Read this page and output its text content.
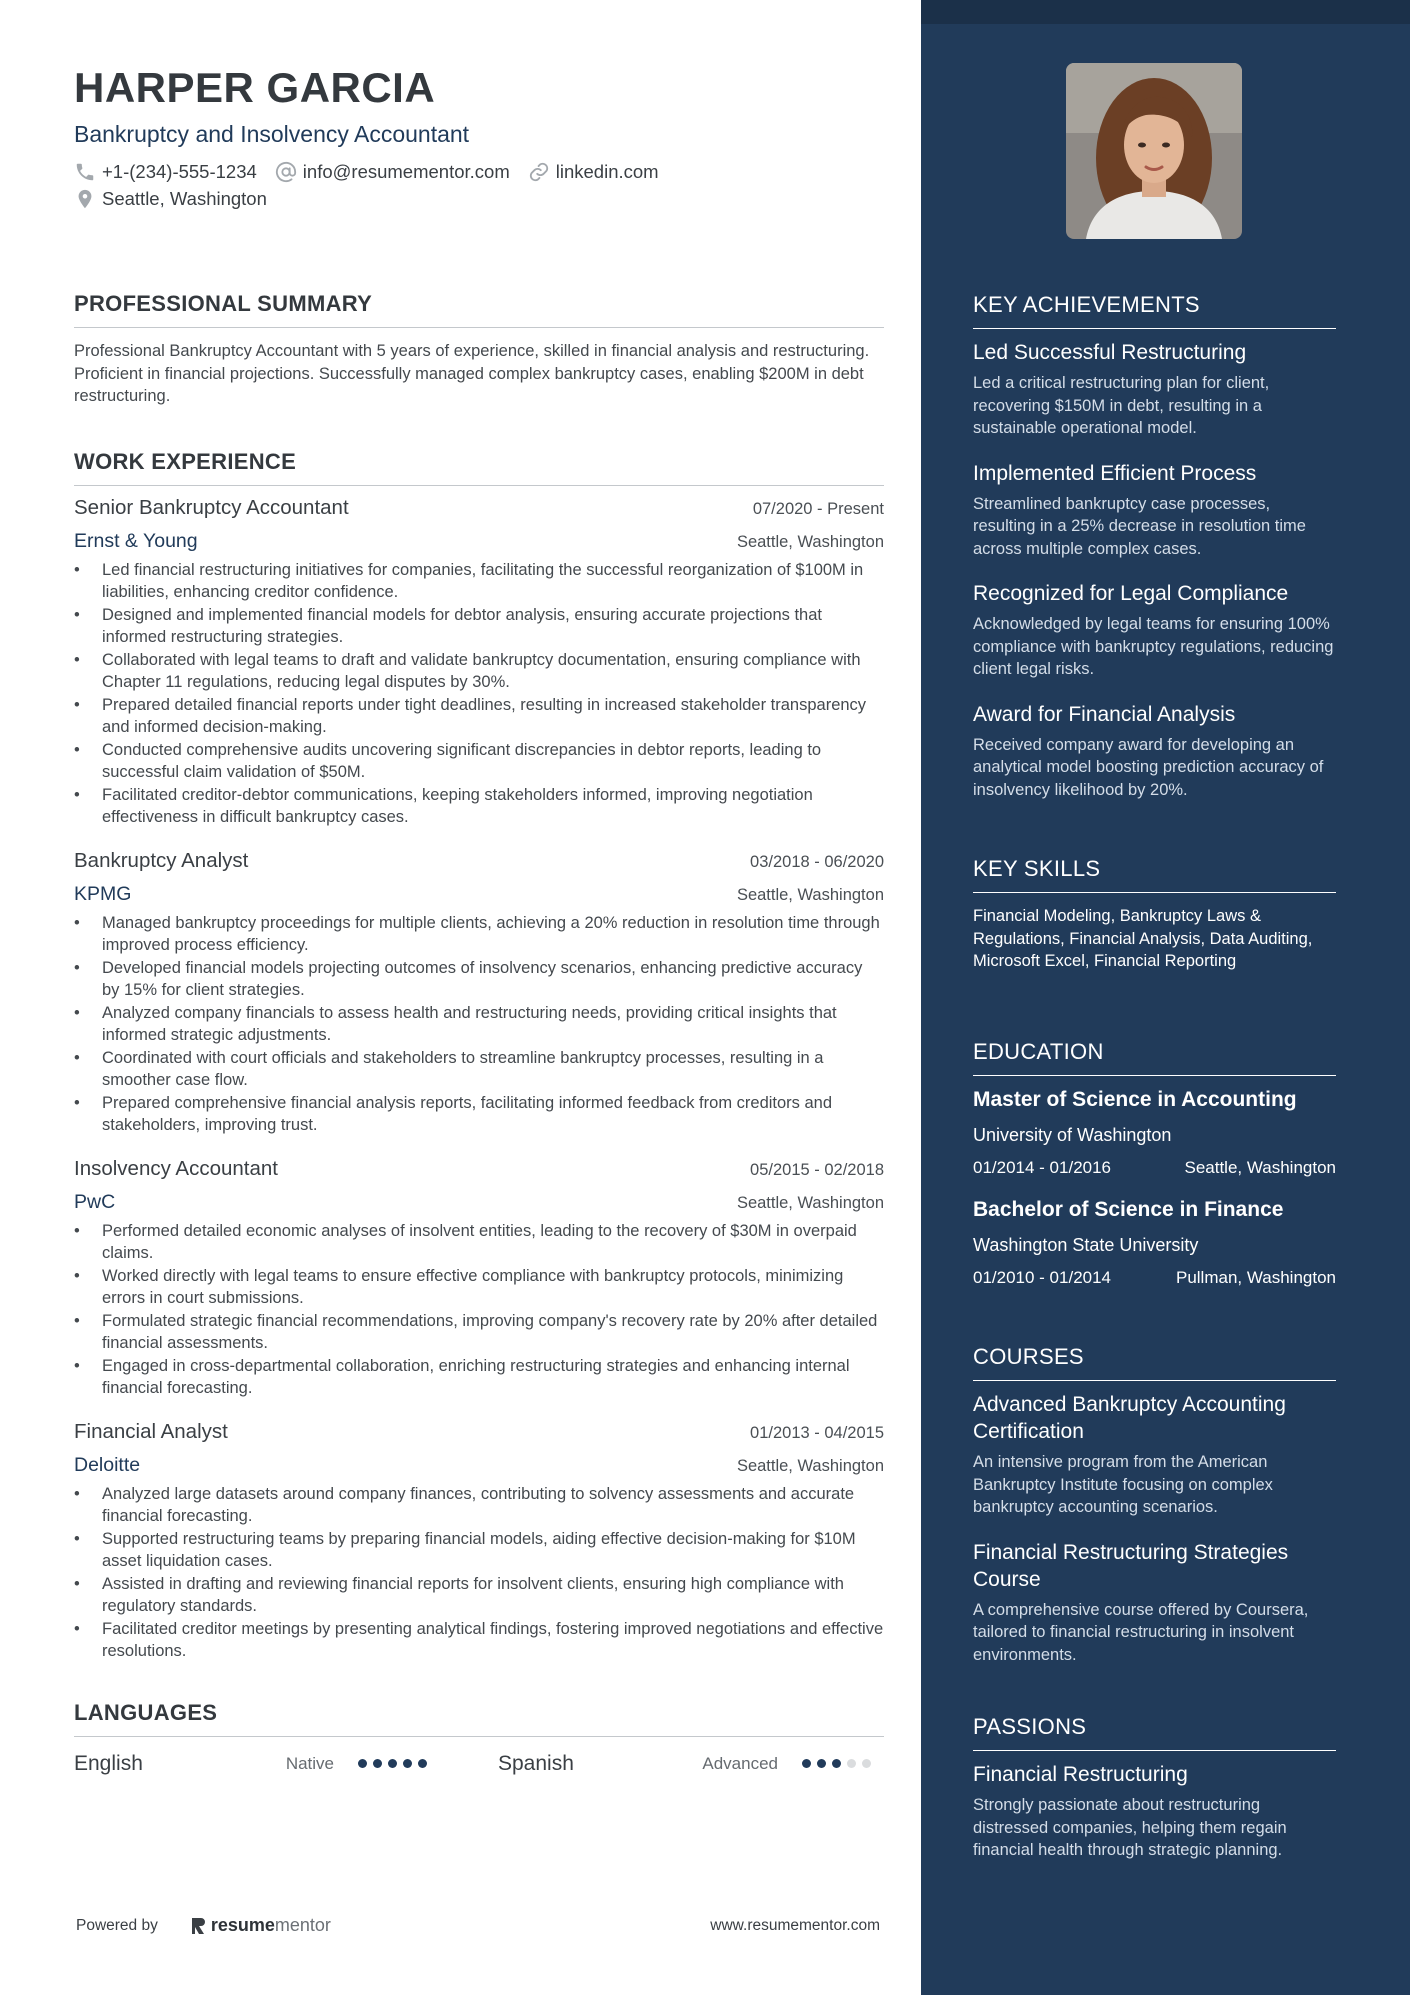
HARPER GARCIA
Bankruptcy and Insolvency Accountant
+1-(234)-555-1234 info@resumementor.com linkedin.com
Seattle, Washington
PROFESSIONAL SUMMARY
Professional Bankruptcy Accountant with 5 years of experience, skilled in financial analysis and restructuring. Proficient in financial projections. Successfully managed complex bankruptcy cases, enabling $200M in debt restructuring.
WORK EXPERIENCE
Senior Bankruptcy Accountant	07/2020 - Present
Ernst & Young	Seattle, Washington
• Led financial restructuring initiatives for companies, facilitating the successful reorganization of $100M in liabilities, enhancing creditor confidence.
• Designed and implemented financial models for debtor analysis, ensuring accurate projections that informed restructuring strategies.
• Collaborated with legal teams to draft and validate bankruptcy documentation, ensuring compliance with Chapter 11 regulations, reducing legal disputes by 30%.
• Prepared detailed financial reports under tight deadlines, resulting in increased stakeholder transparency and informed decision-making.
• Conducted comprehensive audits uncovering significant discrepancies in debtor reports, leading to successful claim validation of $50M.
• Facilitated creditor-debtor communications, keeping stakeholders informed, improving negotiation effectiveness in difficult bankruptcy cases.
Bankruptcy Analyst	03/2018 - 06/2020
KPMG	Seattle, Washington
• Managed bankruptcy proceedings for multiple clients, achieving a 20% reduction in resolution time through improved process efficiency.
• Developed financial models projecting outcomes of insolvency scenarios, enhancing predictive accuracy by 15% for client strategies.
• Analyzed company financials to assess health and restructuring needs, providing critical insights that informed strategic adjustments.
• Coordinated with court officials and stakeholders to streamline bankruptcy processes, resulting in a smoother case flow.
• Prepared comprehensive financial analysis reports, facilitating informed feedback from creditors and stakeholders, improving trust.
Insolvency Accountant	05/2015 - 02/2018
PwC	Seattle, Washington
• Performed detailed economic analyses of insolvent entities, leading to the recovery of $30M in overpaid claims.
• Worked directly with legal teams to ensure effective compliance with bankruptcy protocols, minimizing errors in court submissions.
• Formulated strategic financial recommendations, improving company's recovery rate by 20% after detailed financial assessments.
• Engaged in cross-departmental collaboration, enriching restructuring strategies and enhancing internal financial forecasting.
Financial Analyst	01/2013 - 04/2015
Deloitte	Seattle, Washington
• Analyzed large datasets around company finances, contributing to solvency assessments and accurate financial forecasting.
• Supported restructuring teams by preparing financial models, aiding effective decision-making for $10M asset liquidation cases.
• Assisted in drafting and reviewing financial reports for insolvent clients, ensuring high compliance with regulatory standards.
• Facilitated creditor meetings by presenting analytical findings, fostering improved negotiations and effective resolutions.
LANGUAGES
English	Native	Spanish	Advanced
Powered by	resume mentor	www.resumementor.com
KEY ACHIEVEMENTS
Led Successful Restructuring
Led a critical restructuring plan for client, recovering $150M in debt, resulting in a sustainable operational model.
Implemented Efficient Process
Streamlined bankruptcy case processes, resulting in a 25% decrease in resolution time across multiple complex cases.
Recognized for Legal Compliance
Acknowledged by legal teams for ensuring 100% compliance with bankruptcy regulations, reducing client legal risks.
Award for Financial Analysis
Received company award for developing an analytical model boosting prediction accuracy of insolvency likelihood by 20%.
KEY SKILLS
Financial Modeling, Bankruptcy Laws & Regulations, Financial Analysis, Data Auditing, Microsoft Excel, Financial Reporting
EDUCATION
Master of Science in Accounting
University of Washington
01/2014 - 01/2016	Seattle, Washington
Bachelor of Science in Finance
Washington State University
01/2010 - 01/2014	Pullman, Washington
COURSES
Advanced Bankruptcy Accounting Certification
An intensive program from the American Bankruptcy Institute focusing on complex bankruptcy accounting scenarios.
Financial Restructuring Strategies Course
A comprehensive course offered by Coursera, tailored to financial restructuring in insolvent environments.
PASSIONS
Financial Restructuring
Strongly passionate about restructuring distressed companies, helping them regain financial health through strategic planning.
